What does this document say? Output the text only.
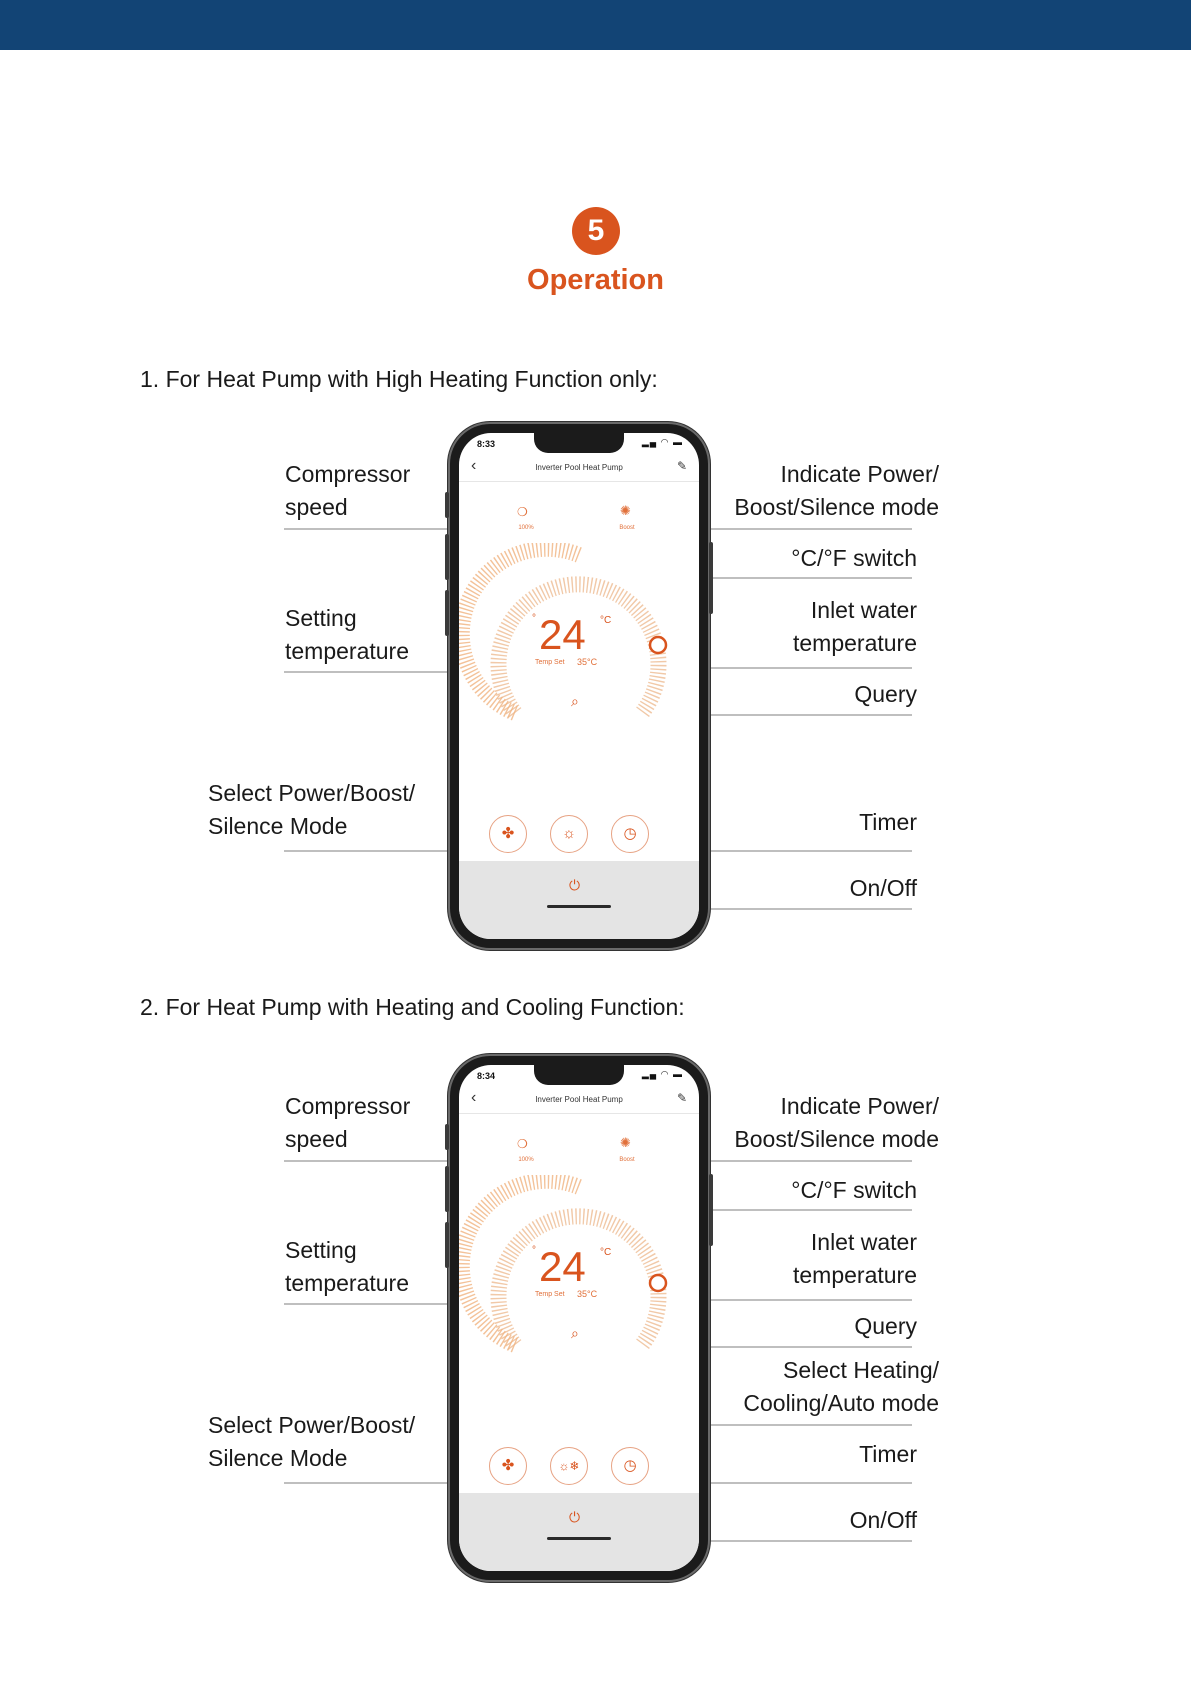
5
Operation
1. For Heat Pump with High Heating Function only:
Compressor
speed
Setting
temperature
Select Power/Boost/
Silence Mode
Indicate Power/
Boost/Silence mode
°C/°F switch
Inlet water
temperature
Query
Timer
On/Off
8:33	▂▄ ◠ ▬
‹	Inverter Pool Heat Pump	✎
❍
100%
✺
Boost
° 24 °C
Temp Set 35°C
⌕
✤	☼	◷
⏻
2. For Heat Pump with Heating and Cooling Function:
Compressor
speed
Setting
temperature
Select Power/Boost/
Silence Mode
Indicate Power/
Boost/Silence mode
°C/°F switch
Inlet water
temperature
Query
Select Heating/
Cooling/Auto mode
Timer
On/Off
8:34	▂▄ ◠ ▬
‹	Inverter Pool Heat Pump	✎
❍
100%
✺
Boost
° 24 °C
Temp Set 35°C
⌕
✤	☼❄	◷
⏻
